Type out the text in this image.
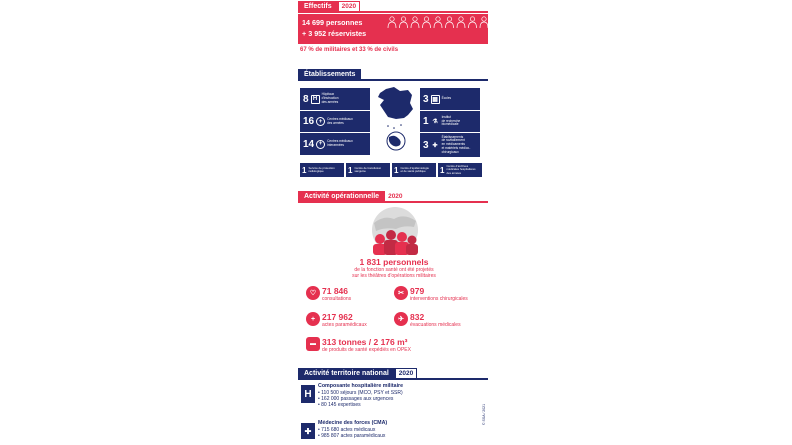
Effectifs	2020
14 699 personnes
+ 3 952 réservistes
67 % de militaires et 33 % de civils
Établissements
8 H
Hôpitaux
d'instruction
des armées
16 +	Centres médicaux
des armées
14 +	Centres médicaux
interarmées
3 ▦	Écoles
1 ⚗
Institut
de recherche
biomédicale
3 ✚
Établissements
de ravitaillement
en médicaments
et matériels médico-
chirurgicaux
1 Service de protection
radiologique	1 Centre de transfusion
sanguine	1 Centre d'épidémiologie
et de santé publique	1 Centre d'archives
médicales hospitalières
des armées
Activité opérationnelle	2020
1 831 personnels
de la fonction santé ont été projetés
sur les théâtres d'opérations militaires
♡ 71 846
consultations
✂ 979
interventions chirurgicales
+ 217 962
actes paramédicaux
✈ 832
évacuations médicales
▬ 313 tonnes / 2 176 m³
de produits de santé expédiés en OPEX
Activité territoire national	2020
H
Composante hospitalière militaire
• 110 500 séjours (MCO, PSY et SSR)
• 162 000 passages aux urgences
• 80 145 expertises
✚
Médecine des forces (CMA)
• 715 680 actes médicaux
• 985 807 actes paramédicaux
© SSA / 2021
